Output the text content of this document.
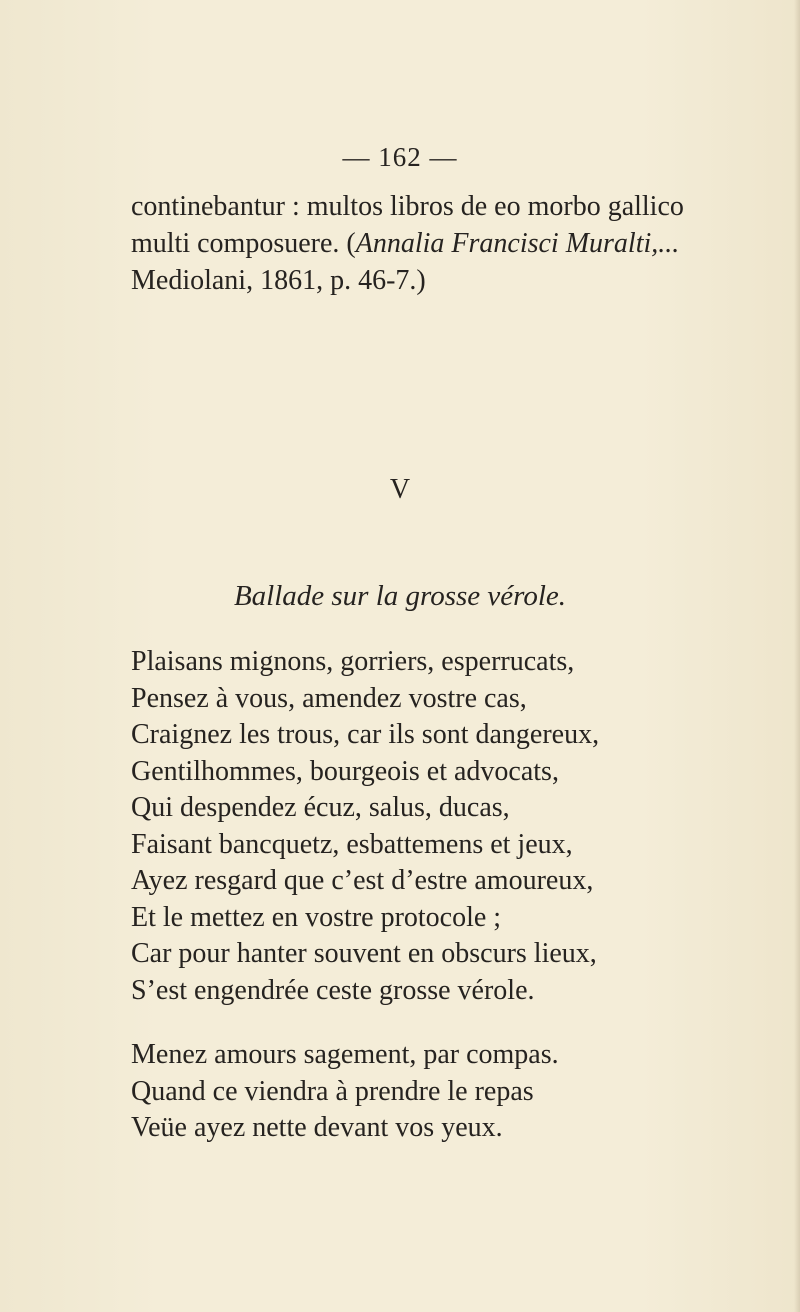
— 162 —

continebantur : multos libros de eo morbo gallico

multi composuere. (Annalia Francisci Muralti,...

Mediolani, 1861, p. 46-7.)

V
Ballade sur la grosse vérole.
Plaisans mignons, gorriers, esperrucats,
Pensez à vous, amendez vostre cas,
Craignez les trous, car ils sont dangereux,
Gentilhommes, bourgeois et advocats,
Qui despendez écuz, salus, ducas,
Faisant bancquetz, esbattemens et jeux,
Ayez resgard que c’est d’estre amoureux,
Et le mettez en vostre protocole ;
Car pour hanter souvent en obscurs lieux,
S’est engendrée ceste grosse vérole.
Menez amours sagement, par compas.
Quand ce viendra à prendre le repas
Veüe ayez nette devant vos yeux.
